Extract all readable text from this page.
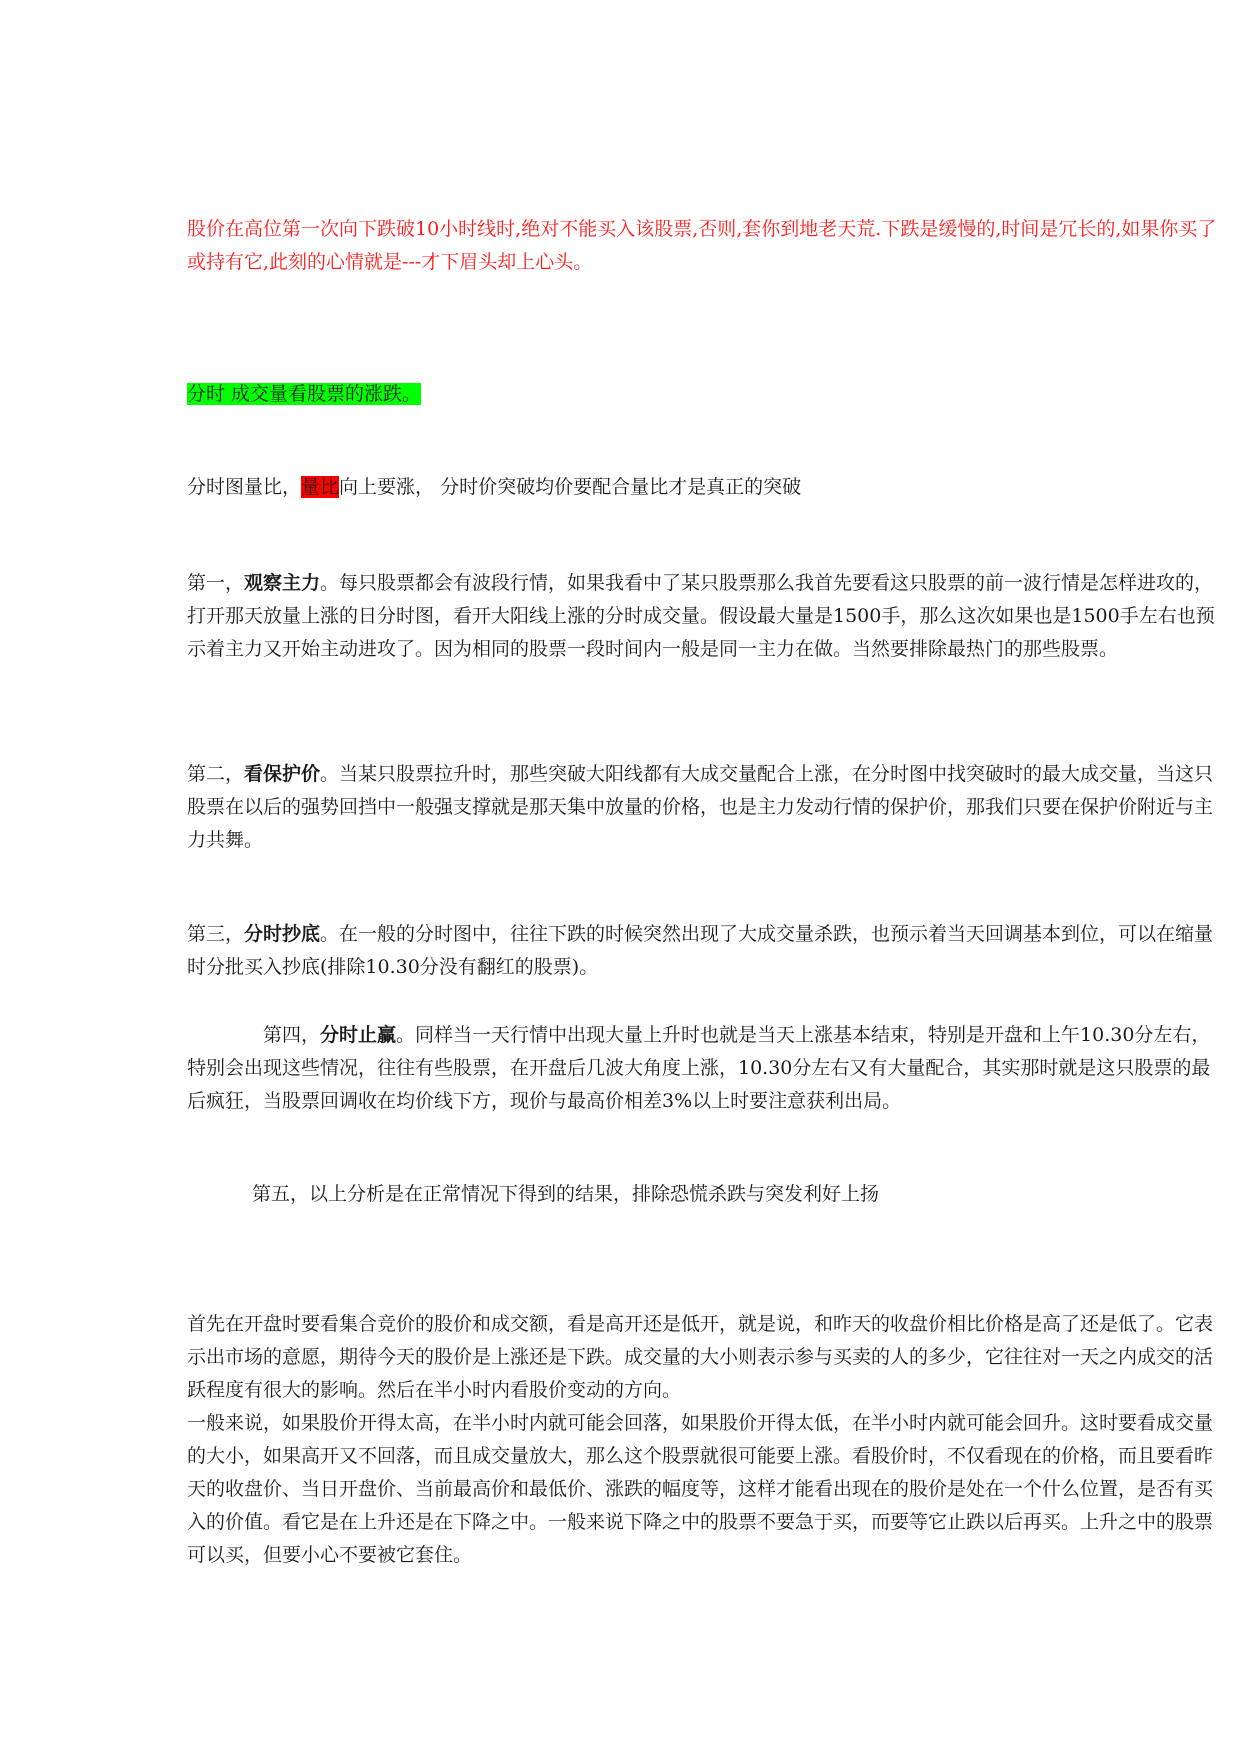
股价在高位第一次向下跌破10小时线时,绝对不能买入该股票,否则,套你到地老天荒.下跌是缓慢的,时间是冗长的,如果你买了或持有它,此刻的心情就是---才下眉头却上心头。

分时 成交量看股票的涨跌。

分时图量比，量比向上要涨， 分时价突破均价要配合量比才是真正的突破

第一，观察主力。每只股票都会有波段行情，如果我看中了某只股票那么我首先要看这只股票的前一波行情是怎样进攻的，打开那天放量上涨的日分时图，看开大阳线上涨的分时成交量。假设最大量是1500手，那么这次如果也是1500手左右也预示着主力又开始主动进攻了。因为相同的股票一段时间内一般是同一主力在做。当然要排除最热门的那些股票。

第二，看保护价。当某只股票拉升时，那些突破大阳线都有大成交量配合上涨，在分时图中找突破时的最大成交量，当这只股票在以后的强势回挡中一般强支撑就是那天集中放量的价格，也是主力发动行情的保护价，那我们只要在保护价附近与主力共舞。

第三，分时抄底。在一般的分时图中，往往下跌的时候突然出现了大成交量杀跌，也预示着当天回调基本到位，可以在缩量时分批买入抄底(排除10.30分没有翻红的股票)。

第四，分时止赢。同样当一天行情中出现大量上升时也就是当天上涨基本结束，特别是开盘和上午10.30分左右，特别会出现这些情况，往往有些股票，在开盘后几波大角度上涨，10.30分左右又有大量配合，其实那时就是这只股票的最后疯狂，当股票回调收在均价线下方，现价与最高价相差3%以上时要注意获利出局。

第五，以上分析是在正常情况下得到的结果，排除恐慌杀跌与突发利好上扬

首先在开盘时要看集合竞价的股价和成交额，看是高开还是低开，就是说，和昨天的收盘价相比价格是高了还是低了。它表示出市场的意愿，期待今天的股价是上涨还是下跌。成交量的大小则表示参与买卖的人的多少，它往往对一天之内成交的活跃程度有很大的影响。然后在半小时内看股价变动的方向。

一般来说，如果股价开得太高，在半小时内就可能会回落，如果股价开得太低，在半小时内就可能会回升。这时要看成交量的大小，如果高开又不回落，而且成交量放大，那么这个股票就很可能要上涨。看股价时，不仅看现在的价格，而且要看昨天的收盘价、当日开盘价、当前最高价和最低价、涨跌的幅度等，这样才能看出现在的股价是处在一个什么位置，是否有买入的价值。看它是在上升还是在下降之中。一般来说下降之中的股票不要急于买，而要等它止跌以后再买。上升之中的股票可以买，但要小心不要被它套住。
